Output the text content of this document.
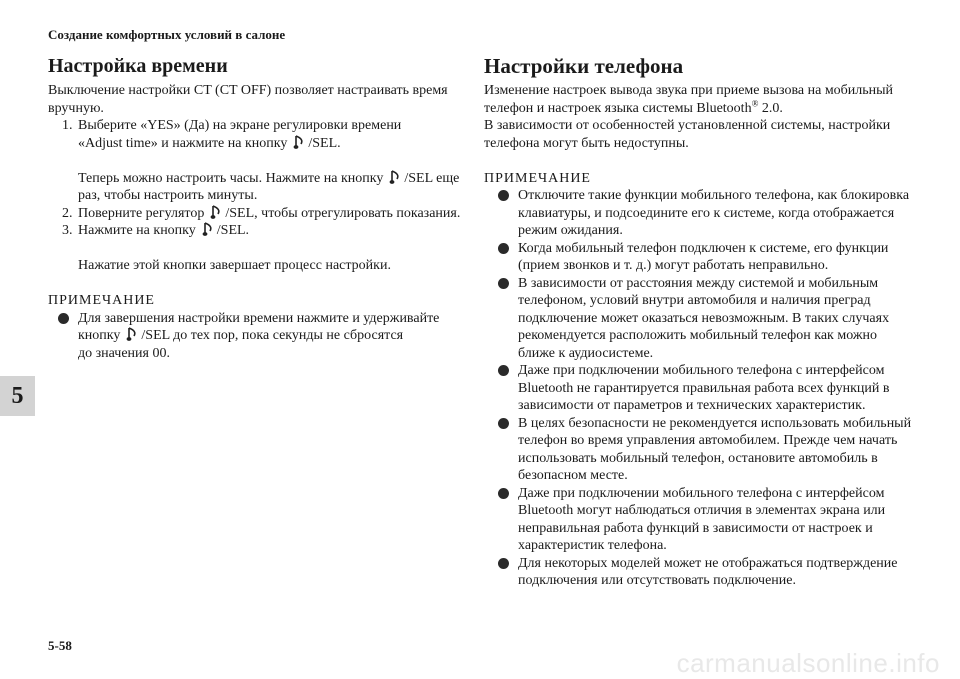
Создание комфортных условий в салоне
5
Настройка времени

Выключение настройки CT (CT OFF) позволяет настраивать время вручную.

1. Выберите «YES» (Да) на экране регулировки времени

«Adjust time» и нажмите на кнопку /SEL.

Теперь можно настроить часы. Нажмите на кнопку /SEL еще раз, чтобы настроить минуты.

2. Поверните регулятор /SEL, чтобы отрегулировать показания.

3. Нажмите на кнопку /SEL.

Нажатие этой кнопки завершает процесс настройки.

ПРИМЕЧАНИЕ

Для завершения настройки времени нажмите и удерживайте

кнопку /SEL до тех пор, пока секунды не сбросятся

до значения 00.

Настройки телефона

Изменение настроек вывода звука при приеме вызова на мобильный телефон и настроек языка системы Bluetooth® 2.0.

В зависимости от особенностей установленной системы, настройки телефона могут быть недоступны.

ПРИМЕЧАНИЕ

Отключите такие функции мобильного телефона, как блокировка клавиатуры, и подсоедините его к системе, когда отображается режим ожидания.

Когда мобильный телефон подключен к системе, его функции (прием звонков и т. д.) могут работать неправильно.

В зависимости от расстояния между системой и мобильным телефоном, условий внутри автомобиля и наличия преград подключение может оказаться невозможным. В таких случаях рекомендуется расположить мобильный телефон как можно ближе к аудиосистеме.

Даже при подключении мобильного телефона с интерфейсом Bluetooth не гарантируется правильная работа всех функций в зависимости от параметров и технических характеристик.

В целях безопасности не рекомендуется использовать мобильный телефон во время управления автомобилем. Прежде чем начать использовать мобильный телефон, остановите автомобиль в безопасном месте.

Даже при подключении мобильного телефона с интерфейсом Bluetooth могут наблюдаться отличия в элементах экрана или неправильная работа функций в зависимости от настроек и характеристик телефона.

Для некоторых моделей может не отображаться подтверждение подключения или отсутствовать подключение.

5-58
carmanualsonline.info
